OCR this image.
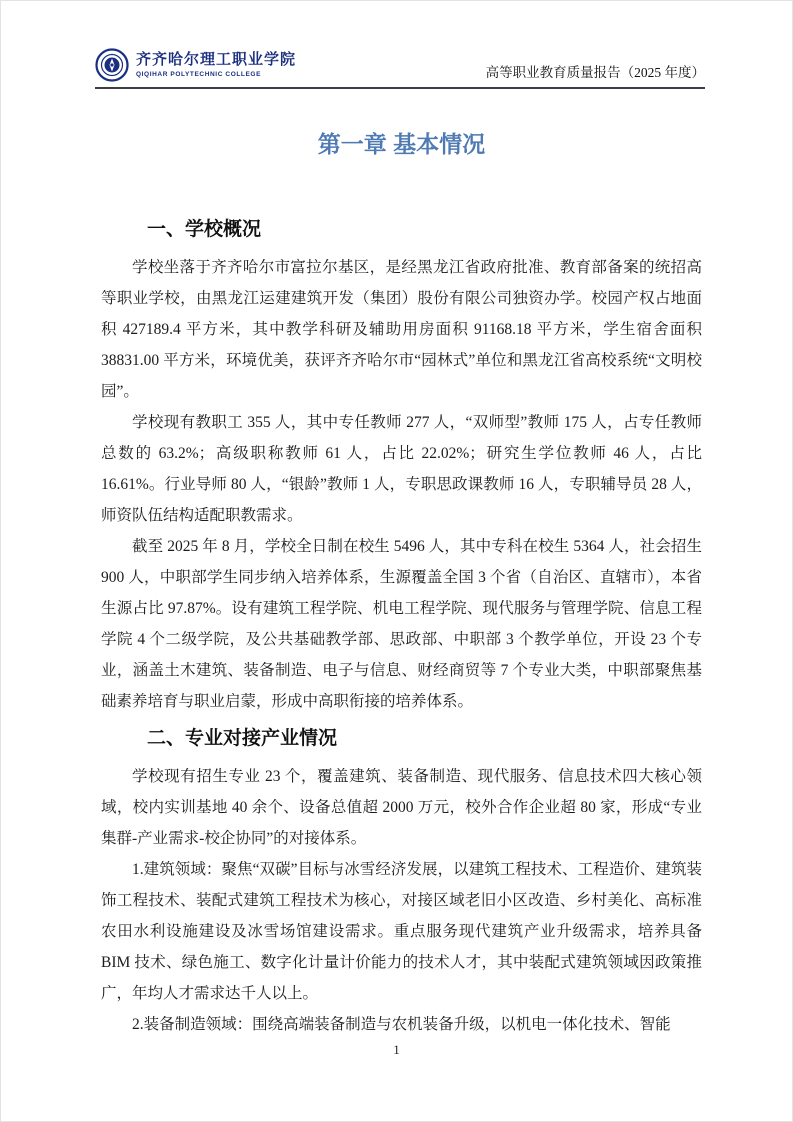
齐齐哈尔理工职业学院
QIQIHAR POLYTECHNIC COLLEGE	高等职业教育质量报告（2025 年度）
第一章 基本情况
一、学校概况

学校坐落于齐齐哈尔市富拉尔基区，是经黑龙江省政府批准、教育部备案的统招高等职业学校，由黑龙江运建建筑开发（集团）股份有限公司独资办学。校园产权占地面积 427189.4 平方米，其中教学科研及辅助用房面积 91168.18 平方米，学生宿舍面积 38831.00 平方米，环境优美，获评齐齐哈尔市“园林式”单位和黑龙江省高校系统“文明校园”。

学校现有教职工 355 人，其中专任教师 277 人，“双师型”教师 175 人，占专任教师总数的 63.2%；高级职称教师 61 人，占比 22.02%；研究生学位教师 46 人，占比 16.61%。行业导师 80 人，“银龄”教师 1 人，专职思政课教师 16 人，专职辅导员 28 人，师资队伍结构适配职教需求。

截至 2025 年 8 月，学校全日制在校生 5496 人，其中专科在校生 5364 人，社会招生 900 人，中职部学生同步纳入培养体系，生源覆盖全国 3 个省（自治区、直辖市），本省生源占比 97.87%。设有建筑工程学院、机电工程学院、现代服务与管理学院、信息工程学院 4 个二级学院，及公共基础教学部、思政部、中职部 3 个教学单位，开设 23 个专业，涵盖土木建筑、装备制造、电子与信息、财经商贸等 7 个专业大类，中职部聚焦基础素养培育与职业启蒙，形成中高职衔接的培养体系。

二、专业对接产业情况

学校现有招生专业 23 个，覆盖建筑、装备制造、现代服务、信息技术四大核心领域，校内实训基地 40 余个、设备总值超 2000 万元，校外合作企业超 80 家，形成“专业集群-产业需求-校企协同”的对接体系。

1.建筑领域：聚焦“双碳”目标与冰雪经济发展，以建筑工程技术、工程造价、建筑装饰工程技术、装配式建筑工程技术为核心，对接区域老旧小区改造、乡村美化、高标准农田水利设施建设及冰雪场馆建设需求。重点服务现代建筑产业升级需求，培养具备 BIM 技术、绿色施工、数字化计量计价能力的技术人才，其中装配式建筑领域因政策推广，年均人才需求达千人以上。

2.装备制造领域：围绕高端装备制造与农机装备升级，以机电一体化技术、智能

1
